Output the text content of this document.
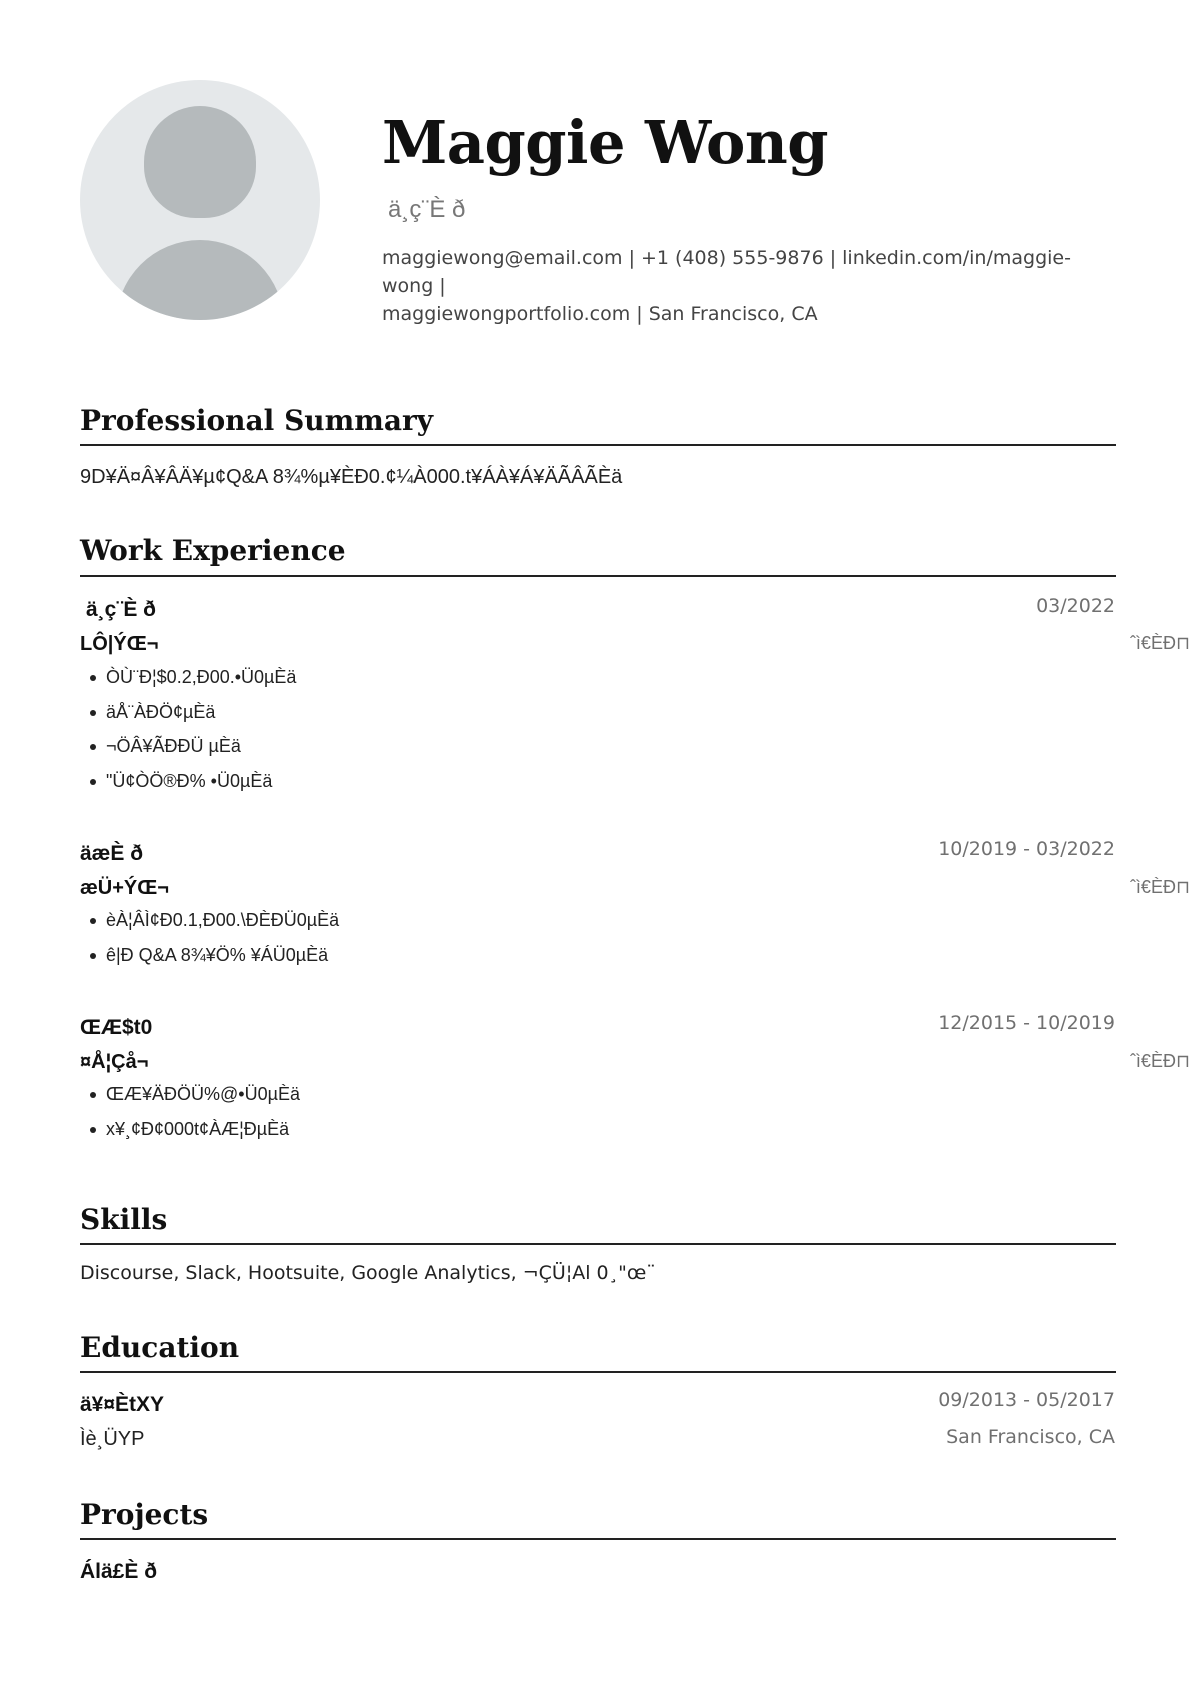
Maggie Wong
ä¸ç¨È ð
maggiewong@email.com | +1 (408) 555-9876 | linkedin.com/in/maggie-wong |
maggiewongportfolio.com | San Francisco, CA
Professional Summary
9D¥Ä¤Â¥ÂÄ¥µ¢Q&A 8¾%µ¥ÈÐ0.¢¼À000.t¥ÁÀ¥Á¥ÄÃÂÃÈä
Work Experience
ä¸ç¨È ð	03/2022
LÔ|ÝŒ¬	ˆì€ÈÐ⊓
ÒÙ¨Ð¦$0.2,Ð00.•Ü0µÈä
äÅ¨ÀÐÖ¢µÈä
¬ÖÂ¥ÃÐÐÜ µÈä
"Ü¢ÒÖ®Ð% •Ü0µÈä
äæÈ ð	10/2019 - 03/2022
æÜ+ÝŒ¬	ˆì€ÈÐ⊓
èÀ¦ÂÌ¢Ð0.1,Ð00.\ÐÈÐÜ0µÈä
ê|Ð Q&A 8¾¥Ö% ¥ÁÜ0µÈä
ŒÆ$t0	12/2015 - 10/2019
¤Å¦Çå¬	ˆì€ÈÐ⊓
ŒÆ¥ÄÐÖÜ%@•Ü0µÈä
x¥¸¢Ð¢000t¢ÀÆ¦ÐµÈä
Skills
Discourse, Slack, Hootsuite, Google Analytics, ¬ÇÜ¦Al 0¸"œ¨
Education
ä¥¤ÈtXY	09/2013 - 05/2017
Ìè¸ÜYP	San Francisco, CA
Projects
Álä£È ð
